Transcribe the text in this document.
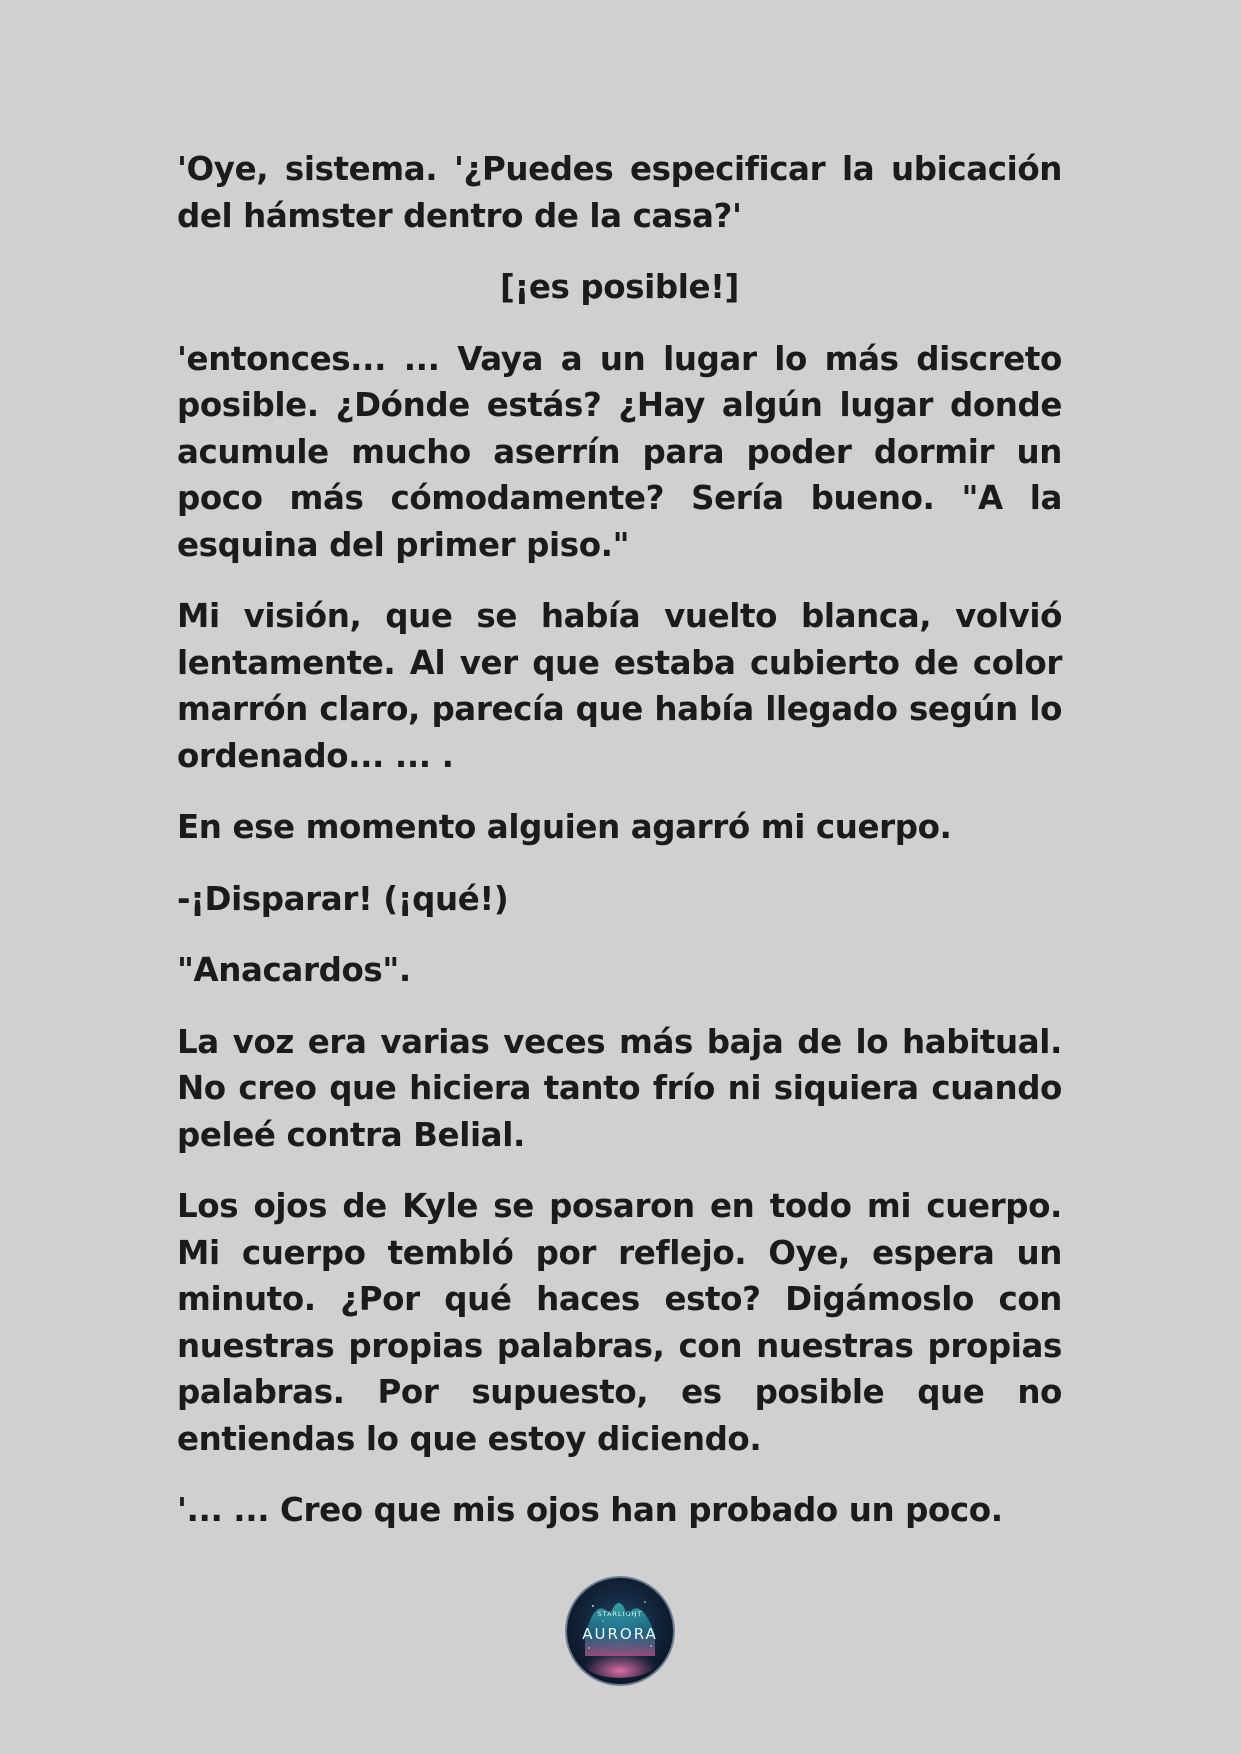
'Oye, sistema. '¿Puedes especificar la ubicación del hámster dentro de la casa?'

[¡es posible!]

'entonces... ... Vaya a un lugar lo más discreto posible. ¿Dónde estás? ¿Hay algún lugar donde acumule mucho aserrín para poder dormir un poco más cómodamente? Sería bueno. "A la esquina del primer piso."

Mi visión, que se había vuelto blanca, volvió lentamente. Al ver que estaba cubierto de color marrón claro, parecía que había llegado según lo ordenado... ... .

En ese momento alguien agarró mi cuerpo.

-¡Disparar! (¡qué!)

"Anacardos".

La voz era varias veces más baja de lo habitual. No creo que hiciera tanto frío ni siquiera cuando peleé contra Belial.

Los ojos de Kyle se posaron en todo mi cuerpo. Mi cuerpo tembló por reflejo. Oye, espera un minuto. ¿Por qué haces esto? Digámoslo con nuestras propias palabras, con nuestras propias palabras. Por supuesto, es posible que no entiendas lo que estoy diciendo.

'... ... Creo que mis ojos han probado un poco.

STARLIGHT
AURORA
